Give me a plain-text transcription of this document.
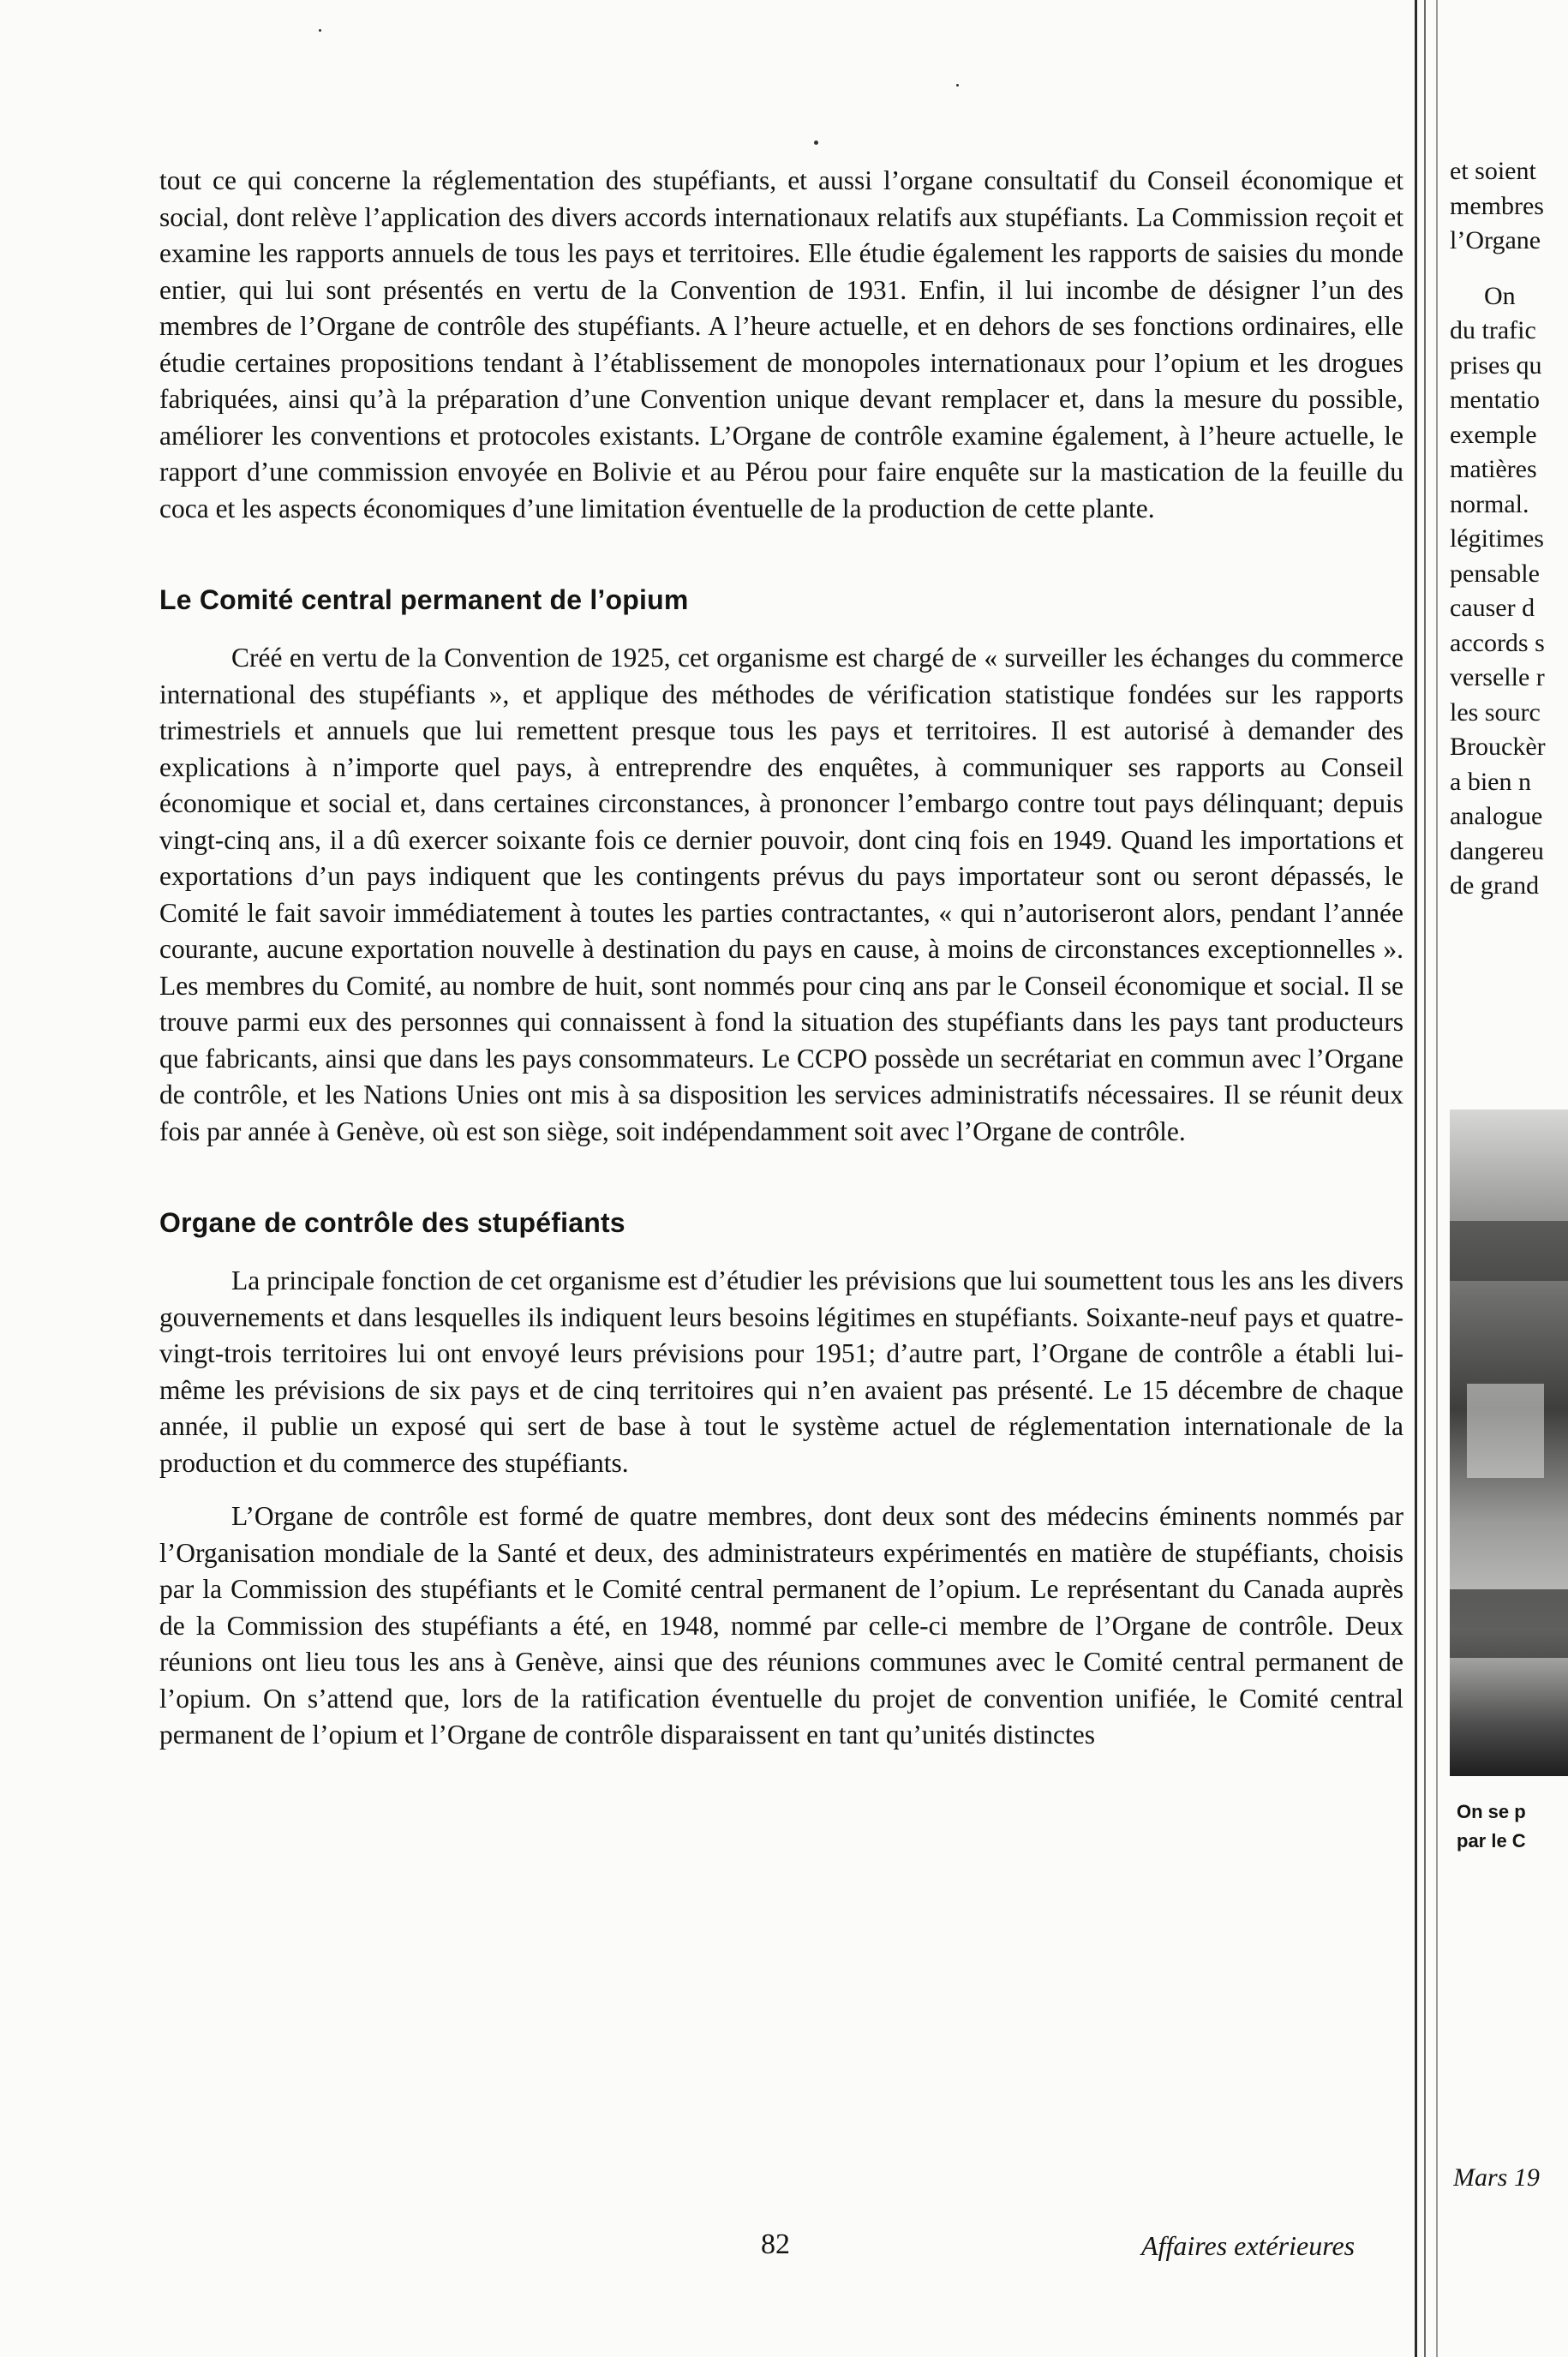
tout ce qui concerne la réglementation des stupéfiants, et aussi l’organe consultatif du Conseil économique et social, dont relève l’application des divers accords internationaux relatifs aux stupéfiants. La Commission reçoit et examine les rapports annuels de tous les pays et territoires. Elle étudie également les rapports de saisies du monde entier, qui lui sont présentés en vertu de la Convention de 1931. Enfin, il lui incombe de désigner l’un des membres de l’Organe de contrôle des stupéfiants. A l’heure actuelle, et en dehors de ses fonctions ordinaires, elle étudie certaines propositions tendant à l’établissement de monopoles internationaux pour l’opium et les drogues fabriquées, ainsi qu’à la préparation d’une Convention unique devant remplacer et, dans la mesure du possible, améliorer les conventions et protocoles existants. L’Organe de contrôle examine également, à l’heure actuelle, le rapport d’une commission envoyée en Bolivie et au Pérou pour faire enquête sur la mastication de la feuille du coca et les aspects économiques d’une limitation éventuelle de la production de cette plante.

Le Comité central permanent de l’opium

Créé en vertu de la Convention de 1925, cet organisme est chargé de « surveiller les échanges du commerce international des stupéfiants », et applique des méthodes de vérification statistique fondées sur les rapports trimestriels et annuels que lui remettent presque tous les pays et territoires. Il est autorisé à demander des explications à n’importe quel pays, à entreprendre des enquêtes, à communiquer ses rapports au Conseil économique et social et, dans certaines circonstances, à prononcer l’embargo contre tout pays délinquant; depuis vingt-cinq ans, il a dû exercer soixante fois ce dernier pouvoir, dont cinq fois en 1949. Quand les importations et exportations d’un pays indiquent que les contingents prévus du pays importateur sont ou seront dépassés, le Comité le fait savoir immédiatement à toutes les parties contractantes, « qui n’autoriseront alors, pendant l’année courante, aucune exportation nouvelle à destination du pays en cause, à moins de circonstances exceptionnelles ». Les membres du Comité, au nombre de huit, sont nommés pour cinq ans par le Conseil économique et social. Il se trouve parmi eux des personnes qui connaissent à fond la situation des stupéfiants dans les pays tant producteurs que fabricants, ainsi que dans les pays consommateurs. Le CCPO possède un secrétariat en commun avec l’Organe de contrôle, et les Nations Unies ont mis à sa disposition les services administratifs nécessaires. Il se réunit deux fois par année à Genève, où est son siège, soit indépendamment soit avec l’Organe de contrôle.

Organe de contrôle des stupéfiants

La principale fonction de cet organisme est d’étudier les prévisions que lui soumettent tous les ans les divers gouvernements et dans lesquelles ils indiquent leurs besoins légitimes en stupéfiants. Soixante-neuf pays et quatre-vingt-trois territoires lui ont envoyé leurs prévisions pour 1951; d’autre part, l’Organe de contrôle a établi lui-même les prévisions de six pays et de cinq territoires qui n’en avaient pas présenté. Le 15 décembre de chaque année, il publie un exposé qui sert de base à tout le système actuel de réglementation internationale de la production et du commerce des stupéfiants.

L’Organe de contrôle est formé de quatre membres, dont deux sont des médecins éminents nommés par l’Organisation mondiale de la Santé et deux, des administrateurs expérimentés en matière de stupéfiants, choisis par la Commission des stupéfiants et le Comité central permanent de l’opium. Le représentant du Canada auprès de la Commission des stupéfiants a été, en 1948, nommé par celle-ci membre de l’Organe de contrôle. Deux réunions ont lieu tous les ans à Genève, ainsi que des réunions communes avec le Comité central permanent de l’opium. On s’attend que, lors de la ratification éventuelle du projet de convention unifiée, le Comité central permanent de l’opium et l’Organe de contrôle disparaissent en tant qu’unités distinctes

82	Affaires extérieures
et soient
membres
l’Organe
On
du trafic
prises qu
mentatio
exemple
matières
normal.
légitimes
pensable
causer d
accords s
verselle r
les sourc
Brouckèr
a bien n
analogue
dangereu
de grand
On se p
par le C
Mars 19
